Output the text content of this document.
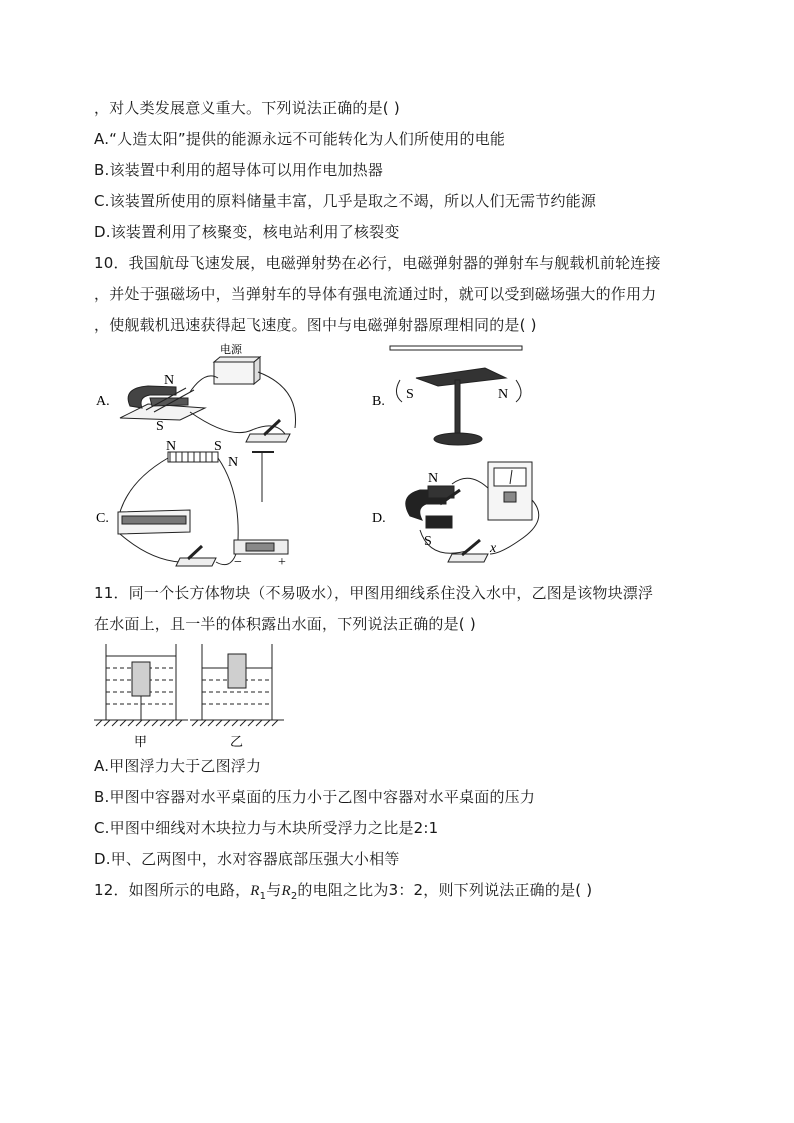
，对人类发展意义重大。下列说法正确的是( )
A.“人造太阳”提供的能源永远不可能转化为人们所使用的电能
B.该装置中利用的超导体可以用作电加热器
C.该装置所使用的原料储量丰富，几乎是取之不竭，所以人们无需节约能源
D.该装置利用了核聚变，核电站利用了核裂变
10．我国航母飞速发展，电磁弹射势在必行，电磁弹射器的弹射车与舰载机前轮连接
，并处于强磁场中，当弹射车的导体有强电流通过时，就可以受到磁场强大的作用力
，使舰载机迅速获得起飞速度。图中与电磁弹射器原理相同的是( )
A.
电源
N
S
B. S	N
C.
N	S
N
−	+
D.
N
S	x
11．同一个长方体物块（不易吸水），甲图用细线系住没入水中，乙图是该物块漂浮
在水面上，且一半的体积露出水面，下列说法正确的是( )
甲	乙
A.甲图浮力大于乙图浮力
B.甲图中容器对水平桌面的压力小于乙图中容器对水平桌面的压力
C.甲图中细线对木块拉力与木块所受浮力之比是2:1
D.甲、乙两图中，水对容器底部压强大小相等
12．如图所示的电路，$R_1$与$R_2$的电阻之比为3：2，则下列说法正确的是( )
